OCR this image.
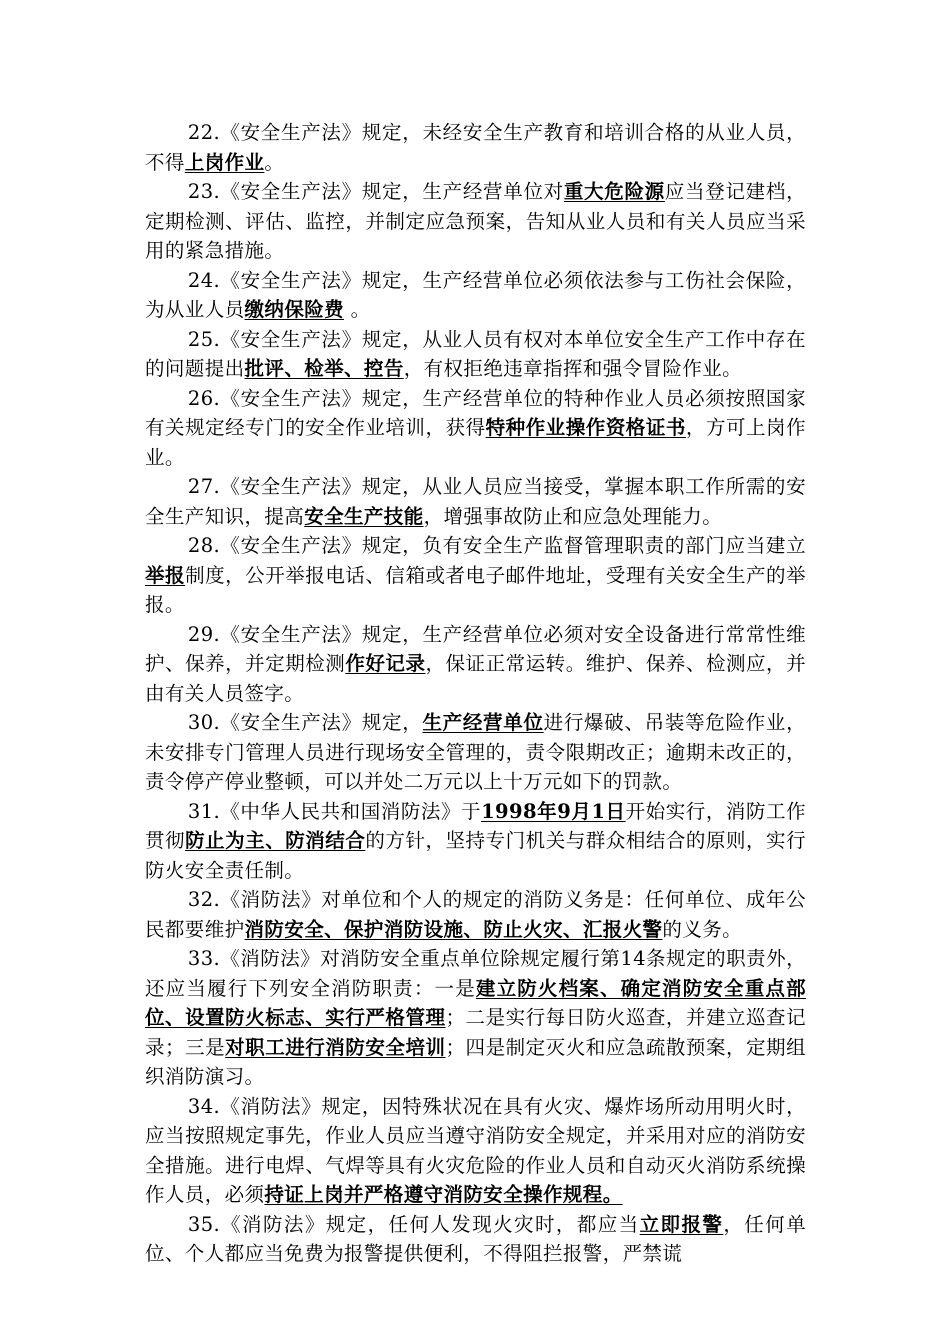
22.《安全生产法》规定，未经安全生产教育和培训合格的从业人员，不得上岗作业。

23.《安全生产法》规定，生产经营单位对重大危险源应当登记建档，定期检测、评估、监控，并制定应急预案，告知从业人员和有关人员应当采用的紧急措施。

24.《安全生产法》规定，生产经营单位必须依法参与工伤社会保险，为从业人员缴纳保险费 。

25.《安全生产法》规定，从业人员有权对本单位安全生产工作中存在的问题提出批评、检举、控告，有权拒绝违章指挥和强令冒险作业。

26.《安全生产法》规定，生产经营单位的特种作业人员必须按照国家有关规定经专门的安全作业培训，获得特种作业操作资格证书，方可上岗作业。

27.《安全生产法》规定，从业人员应当接受，掌握本职工作所需的安全生产知识，提高安全生产技能，增强事故防止和应急处理能力。

28.《安全生产法》规定，负有安全生产监督管理职责的部门应当建立举报制度，公开举报电话、信箱或者电子邮件地址，受理有关安全生产的举报。

29.《安全生产法》规定，生产经营单位必须对安全设备进行常常性维护、保养，并定期检测作好记录，保证正常运转。维护、保养、检测应，并由有关人员签字。

30.《安全生产法》规定，生产经营单位进行爆破、吊装等危险作业，未安排专门管理人员进行现场安全管理的，责令限期改正；逾期未改正的，责令停产停业整顿，可以并处二万元以上十万元如下的罚款。

31.《中华人民共和国消防法》于1998年9月1日开始实行，消防工作贯彻防止为主、防消结合的方针，坚持专门机关与群众相结合的原则，实行防火安全责任制。

32.《消防法》对单位和个人的规定的消防义务是：任何单位、成年公民都要维护消防安全、保护消防设施、防止火灾、汇报火警的义务。

33.《消防法》对消防安全重点单位除规定履行第14条规定的职责外，还应当履行下列安全消防职责：一是建立防火档案、确定消防安全重点部位、设置防火标志、实行严格管理；二是实行每日防火巡查，并建立巡查记录；三是对职工进行消防安全培训；四是制定灭火和应急疏散预案，定期组织消防演习。

34.《消防法》规定，因特殊状况在具有火灾、爆炸场所动用明火时，应当按照规定事先，作业人员应当遵守消防安全规定，并采用对应的消防安全措施。进行电焊、气焊等具有火灾危险的作业人员和自动灭火消防系统操作人员，必须持证上岗并严格遵守消防安全操作规程。

35.《消防法》规定，任何人发现火灾时，都应当立即报警，任何单位、个人都应当免费为报警提供便利，不得阻拦报警，严禁谎
